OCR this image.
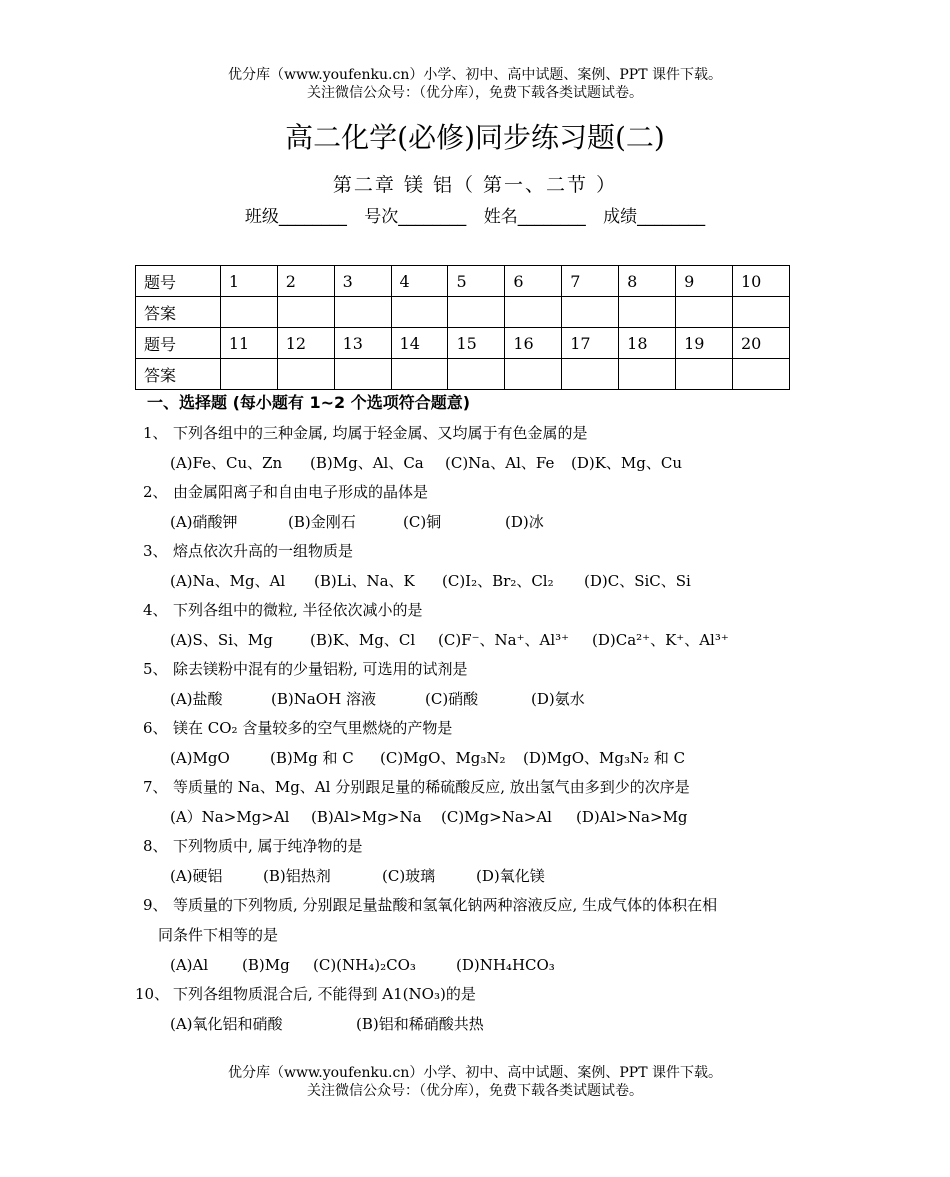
优分库（www.youfenku.cn）小学、初中、高中试题、案例、PPT 课件下载。
关注微信公众号：（优分库），免费下载各类试题试卷。
高二化学(必修)同步练习题(二)
第二章 镁 铝（ 第一、二节 ）
班级________ 号次________ 姓名________ 成绩________
题号	1	2	3	4	5	6	7	8	9	10
答案										
题号	11	12	13	14	15	16	17	18	19	20
答案										
一、选择题 (每小题有 1~2 个选项符合题意)
1、 下列各组中的三种金属, 均属于轻金属、又均属于有色金属的是
(A)Fe、Cu、Zn (B)Mg、Al、Ca (C)Na、Al、Fe (D)K、Mg、Cu
2、 由金属阳离子和自由电子形成的晶体是
(A)硝酸钾	(B)金刚石	(C)铜	(D)冰
3、 熔点依次升高的一组物质是
(A)Na、Mg、Al (B)Li、Na、K (C)I₂、Br₂、Cl₂ (D)C、SiC、Si
4、 下列各组中的微粒, 半径依次减小的是
(A)S、Si、Mg (B)K、Mg、Cl (C)F⁻、Na⁺、Al³⁺ (D)Ca²⁺、K⁺、Al³⁺
5、 除去镁粉中混有的少量铝粉, 可选用的试剂是
(A)盐酸	(B)NaOH 溶液	(C)硝酸	(D)氨水
6、 镁在 CO₂ 含量较多的空气里燃烧的产物是
(A)MgO	(B)Mg 和 C (C)MgO、Mg₃N₂ (D)MgO、Mg₃N₂ 和 C
7、 等质量的 Na、Mg、Al 分别跟足量的稀硫酸反应, 放出氢气由多到少的次序是
(A）Na>Mg>Al (B)Al>Mg>Na (C)Mg>Na>Al (D)Al>Na>Mg
8、 下列物质中, 属于纯净物的是
(A)硬铝	(B)铝热剂	(C)玻璃	(D)氧化镁
9、 等质量的下列物质, 分别跟足量盐酸和氢氧化钠两种溶液反应, 生成气体的体积在相
同条件下相等的是
(A)Al (B)Mg (C)(NH₄)₂CO₃	(D)NH₄HCO₃
10、 下列各组物质混合后, 不能得到 A1(NO₃)的是
(A)氧化铝和硝酸	(B)铝和稀硝酸共热
优分库（www.youfenku.cn）小学、初中、高中试题、案例、PPT 课件下载。
关注微信公众号：（优分库），免费下载各类试题试卷。
